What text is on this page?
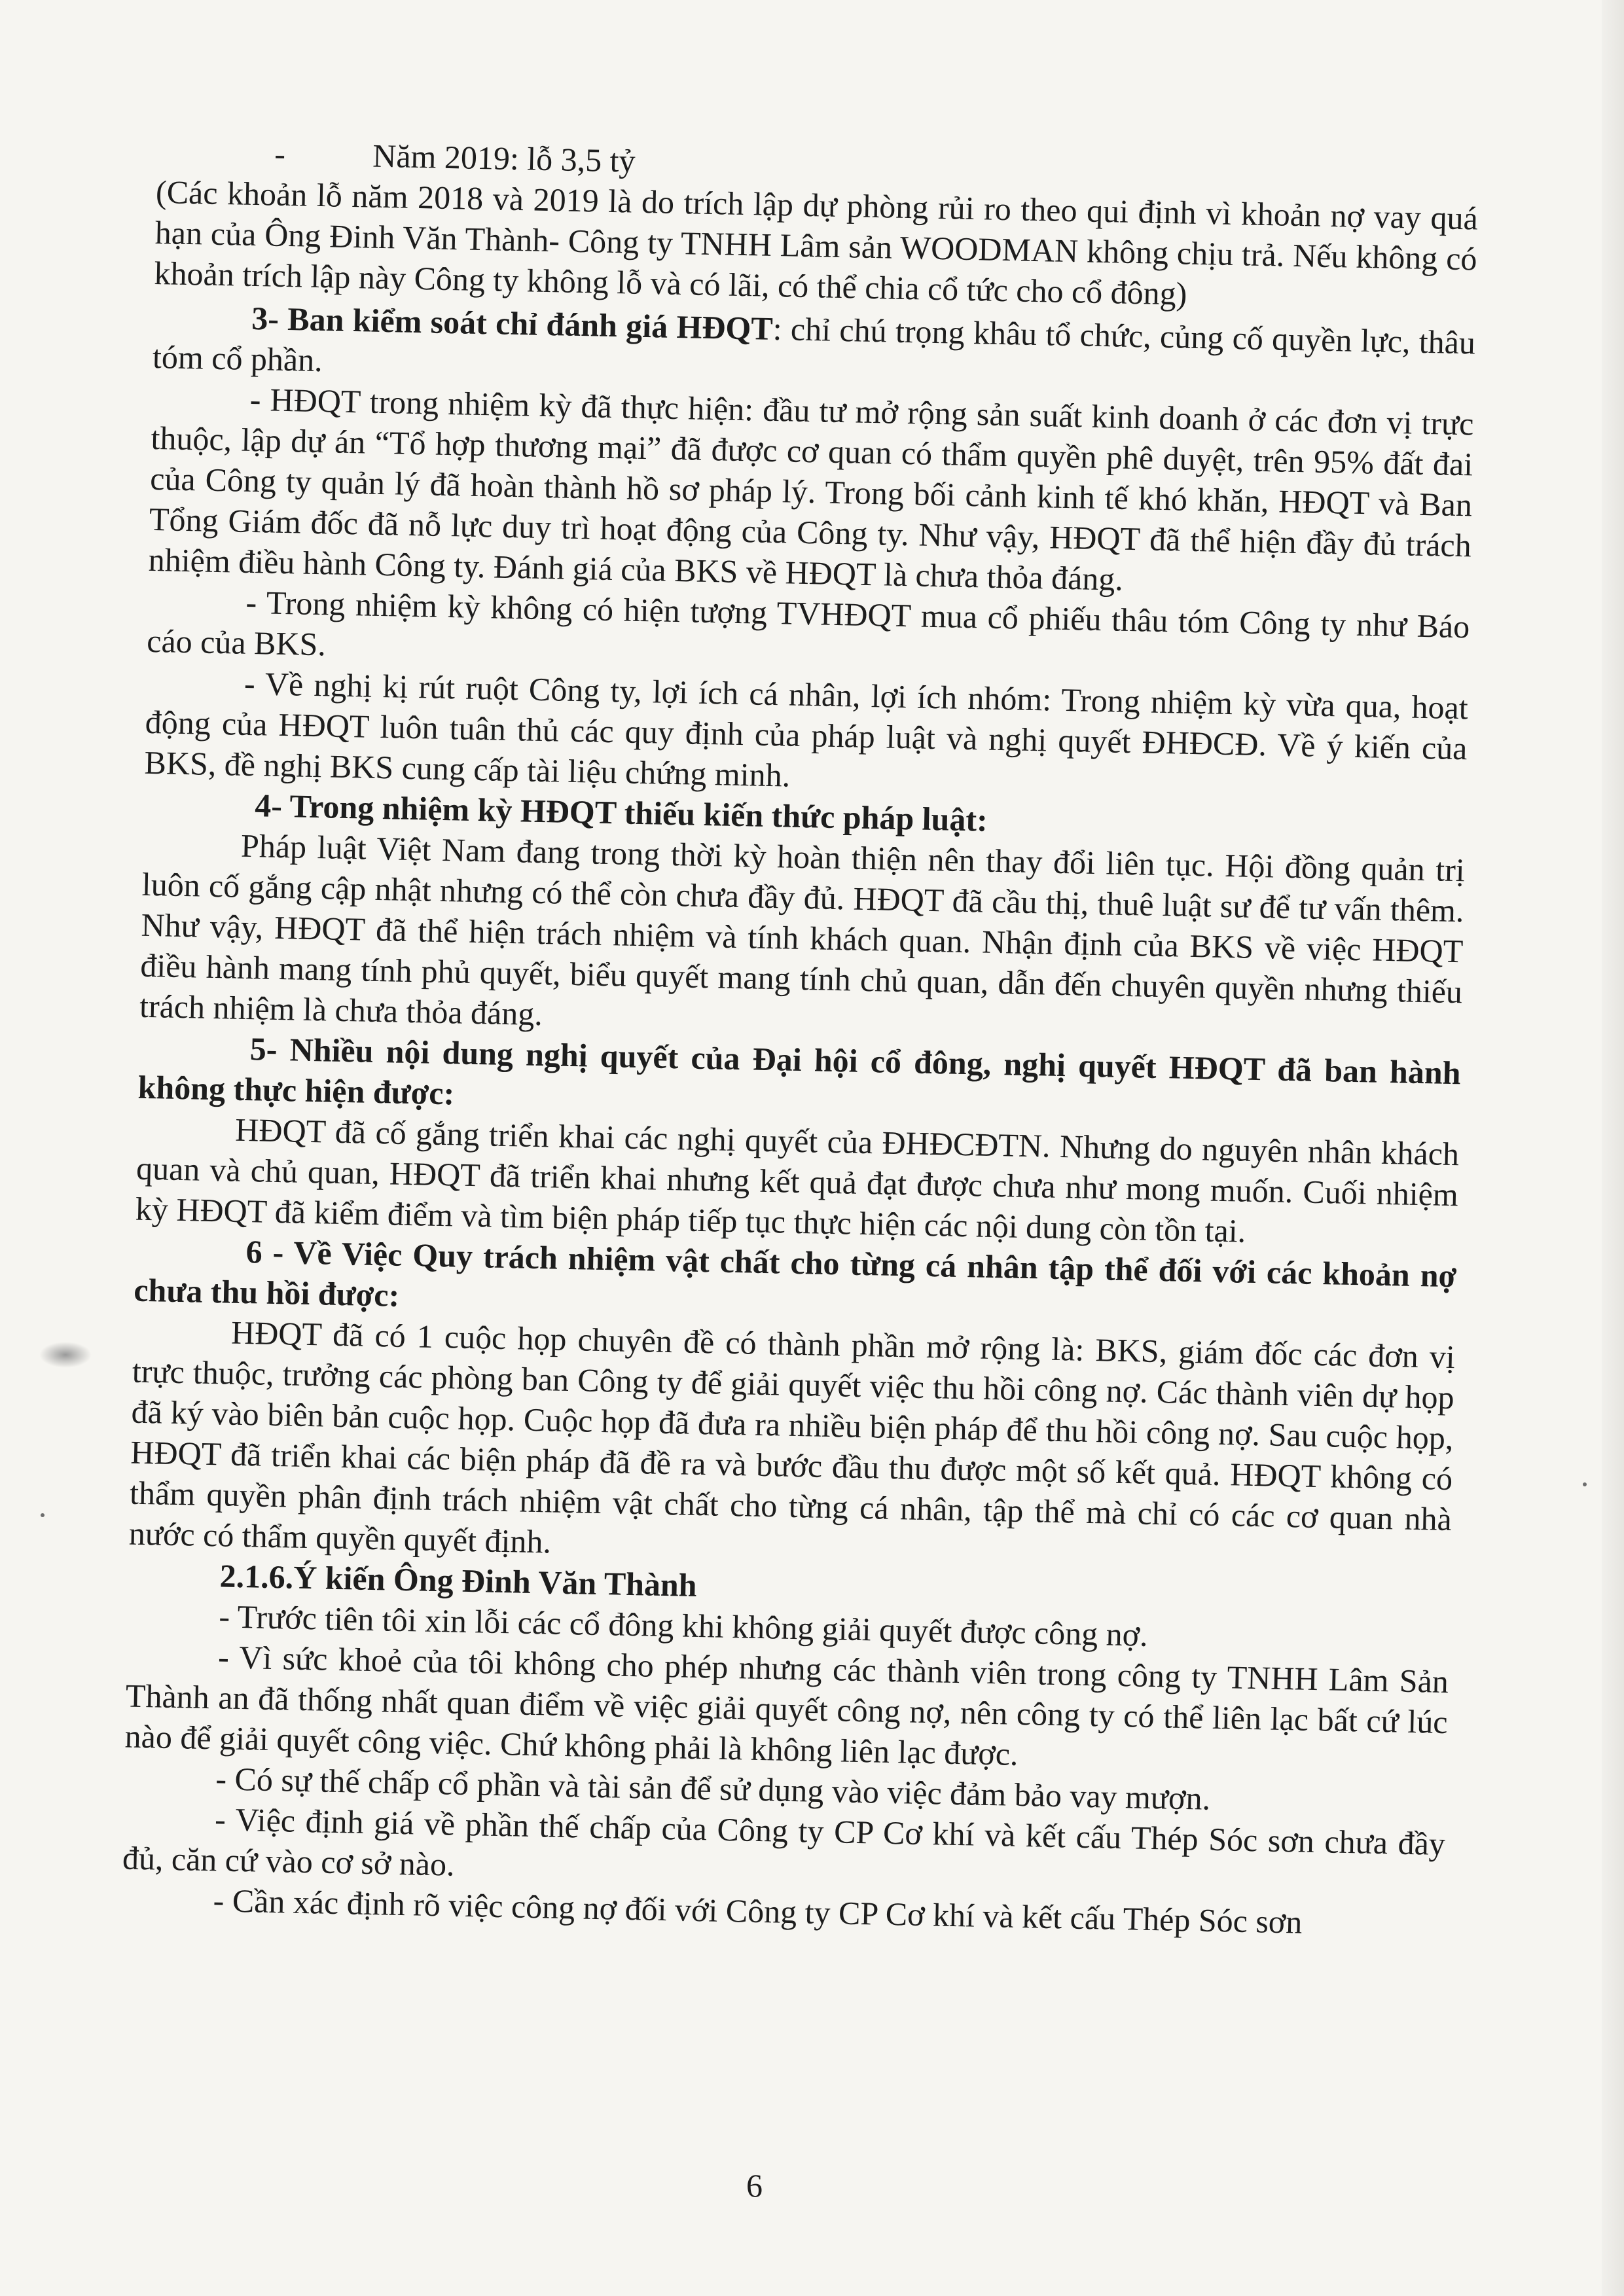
-	Năm 2019: lỗ 3,5 tỷ

(Các khoản lỗ năm 2018 và 2019 là do trích lập dự phòng rủi ro theo qui định vì khoản nợ vay quá hạn của Ông Đinh Văn Thành- Công ty TNHH Lâm sản WOODMAN không chịu trả. Nếu không có khoản trích lập này Công ty không lỗ và có lãi, có thể chia cổ tức cho cổ đông)

3- Ban kiểm soát chỉ đánh giá HĐQT: chỉ chú trọng khâu tổ chức, củng cố quyền lực, thâu tóm cổ phần.

- HĐQT trong nhiệm kỳ đã thực hiện: đầu tư mở rộng sản suất kinh doanh ở các đơn vị trực thuộc, lập dự án “Tổ hợp thương mại” đã được cơ quan có thẩm quyền phê duyệt, trên 95% đất đai của Công ty quản lý đã hoàn thành hồ sơ pháp lý. Trong bối cảnh kinh tế khó khăn, HĐQT và Ban Tổng Giám đốc đã nỗ lực duy trì hoạt động của Công ty. Như vậy, HĐQT đã thể hiện đầy đủ trách nhiệm điều hành Công ty. Đánh giá của BKS về HĐQT là chưa thỏa đáng.

- Trong nhiệm kỳ không có hiện tượng TVHĐQT mua cổ phiếu thâu tóm Công ty như Báo cáo của BKS.

- Về nghị kị rút ruột Công ty, lợi ích cá nhân, lợi ích nhóm: Trong nhiệm kỳ vừa qua, hoạt động của HĐQT luôn tuân thủ các quy định của pháp luật và nghị quyết ĐHĐCĐ. Về ý kiến của BKS, đề nghị BKS cung cấp tài liệu chứng minh.

4- Trong nhiệm kỳ HĐQT thiếu kiến thức pháp luật:

Pháp luật Việt Nam đang trong thời kỳ hoàn thiện nên thay đổi liên tục. Hội đồng quản trị luôn cố gắng cập nhật nhưng có thể còn chưa đầy đủ. HĐQT đã cầu thị, thuê luật sư để tư vấn thêm. Như vậy, HĐQT đã thể hiện trách nhiệm và tính khách quan. Nhận định của BKS về việc HĐQT điều hành mang tính phủ quyết, biểu quyết mang tính chủ quan, dẫn đến chuyên quyền nhưng thiếu trách nhiệm là chưa thỏa đáng.

5- Nhiều nội dung nghị quyết của Đại hội cổ đông, nghị quyết HĐQT đã ban hành không thực hiện được:

HĐQT đã cố gắng triển khai các nghị quyết của ĐHĐCĐTN. Nhưng do nguyên nhân khách quan và chủ quan, HĐQT đã triển khai nhưng kết quả đạt được chưa như mong muốn. Cuối nhiệm kỳ HĐQT đã kiểm điểm và tìm biện pháp tiếp tục thực hiện các nội dung còn tồn tại.

6 - Về Việc Quy trách nhiệm vật chất cho từng cá nhân tập thể đối với các khoản nợ chưa thu hồi được:

HĐQT đã có 1 cuộc họp chuyên đề có thành phần mở rộng là: BKS, giám đốc các đơn vị trực thuộc, trưởng các phòng ban Công ty để giải quyết việc thu hồi công nợ. Các thành viên dự họp đã ký vào biên bản cuộc họp. Cuộc họp đã đưa ra nhiều biện pháp để thu hồi công nợ. Sau cuộc họp, HĐQT đã triển khai các biện pháp đã đề ra và bước đầu thu được một số kết quả. HĐQT không có thẩm quyền phân định trách nhiệm vật chất cho từng cá nhân, tập thể mà chỉ có các cơ quan nhà nước có thẩm quyền quyết định.

2.1.6.Ý kiến Ông Đinh Văn Thành

- Trước tiên tôi xin lỗi các cổ đông khi không giải quyết được công nợ.

- Vì sức khoẻ của tôi không cho phép nhưng các thành viên trong công ty TNHH Lâm Sản Thành an đã thống nhất quan điểm về việc giải quyết công nợ, nên công ty có thể liên lạc bất cứ lúc nào để giải quyết công việc. Chứ không phải là không liên lạc được.

- Có sự thế chấp cổ phần và tài sản để sử dụng vào việc đảm bảo vay mượn.

- Việc định giá về phần thế chấp của Công ty CP Cơ khí và kết cấu Thép Sóc sơn chưa đầy đủ, căn cứ vào cơ sở nào.

- Cần xác định rõ việc công nợ đối với Công ty CP Cơ khí và kết cấu Thép Sóc sơn

6
